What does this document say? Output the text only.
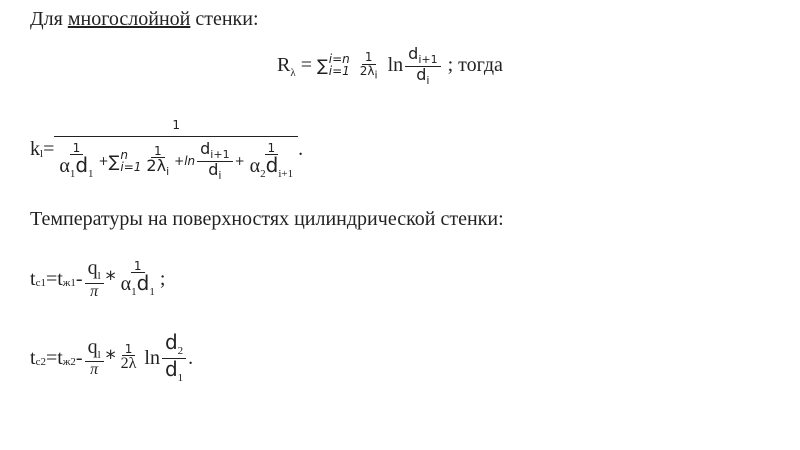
Для многослойной стенки:
$R_\lambda$ = ∑ i=n
i=1
$\frac{1}{2\lambda_i}$ $\ln \frac{d_{i+1}}{d_i}$ ; тогда
$k_l$ =
1
$\frac{1}{\alpha_1d_1}$ + ∑ n
$i=1 \frac{1}{2\lambda_i} + \ln \frac{d_{i+1}}{d_i} + \frac{1}{\alpha_2d_{i+1}}$ .
Температуры на поверхностях цилиндрической стенки:
$t_{c1} = t_{ж1} - \frac{q_l}{\pi} * \frac{1}{\alpha_1d_1}$ ;
$t_{c2} = t_{ж2} - \frac{q_l}{\pi} * \frac{1}{2\lambda}$ $\ln \frac{d_2}{d_1}$ .
